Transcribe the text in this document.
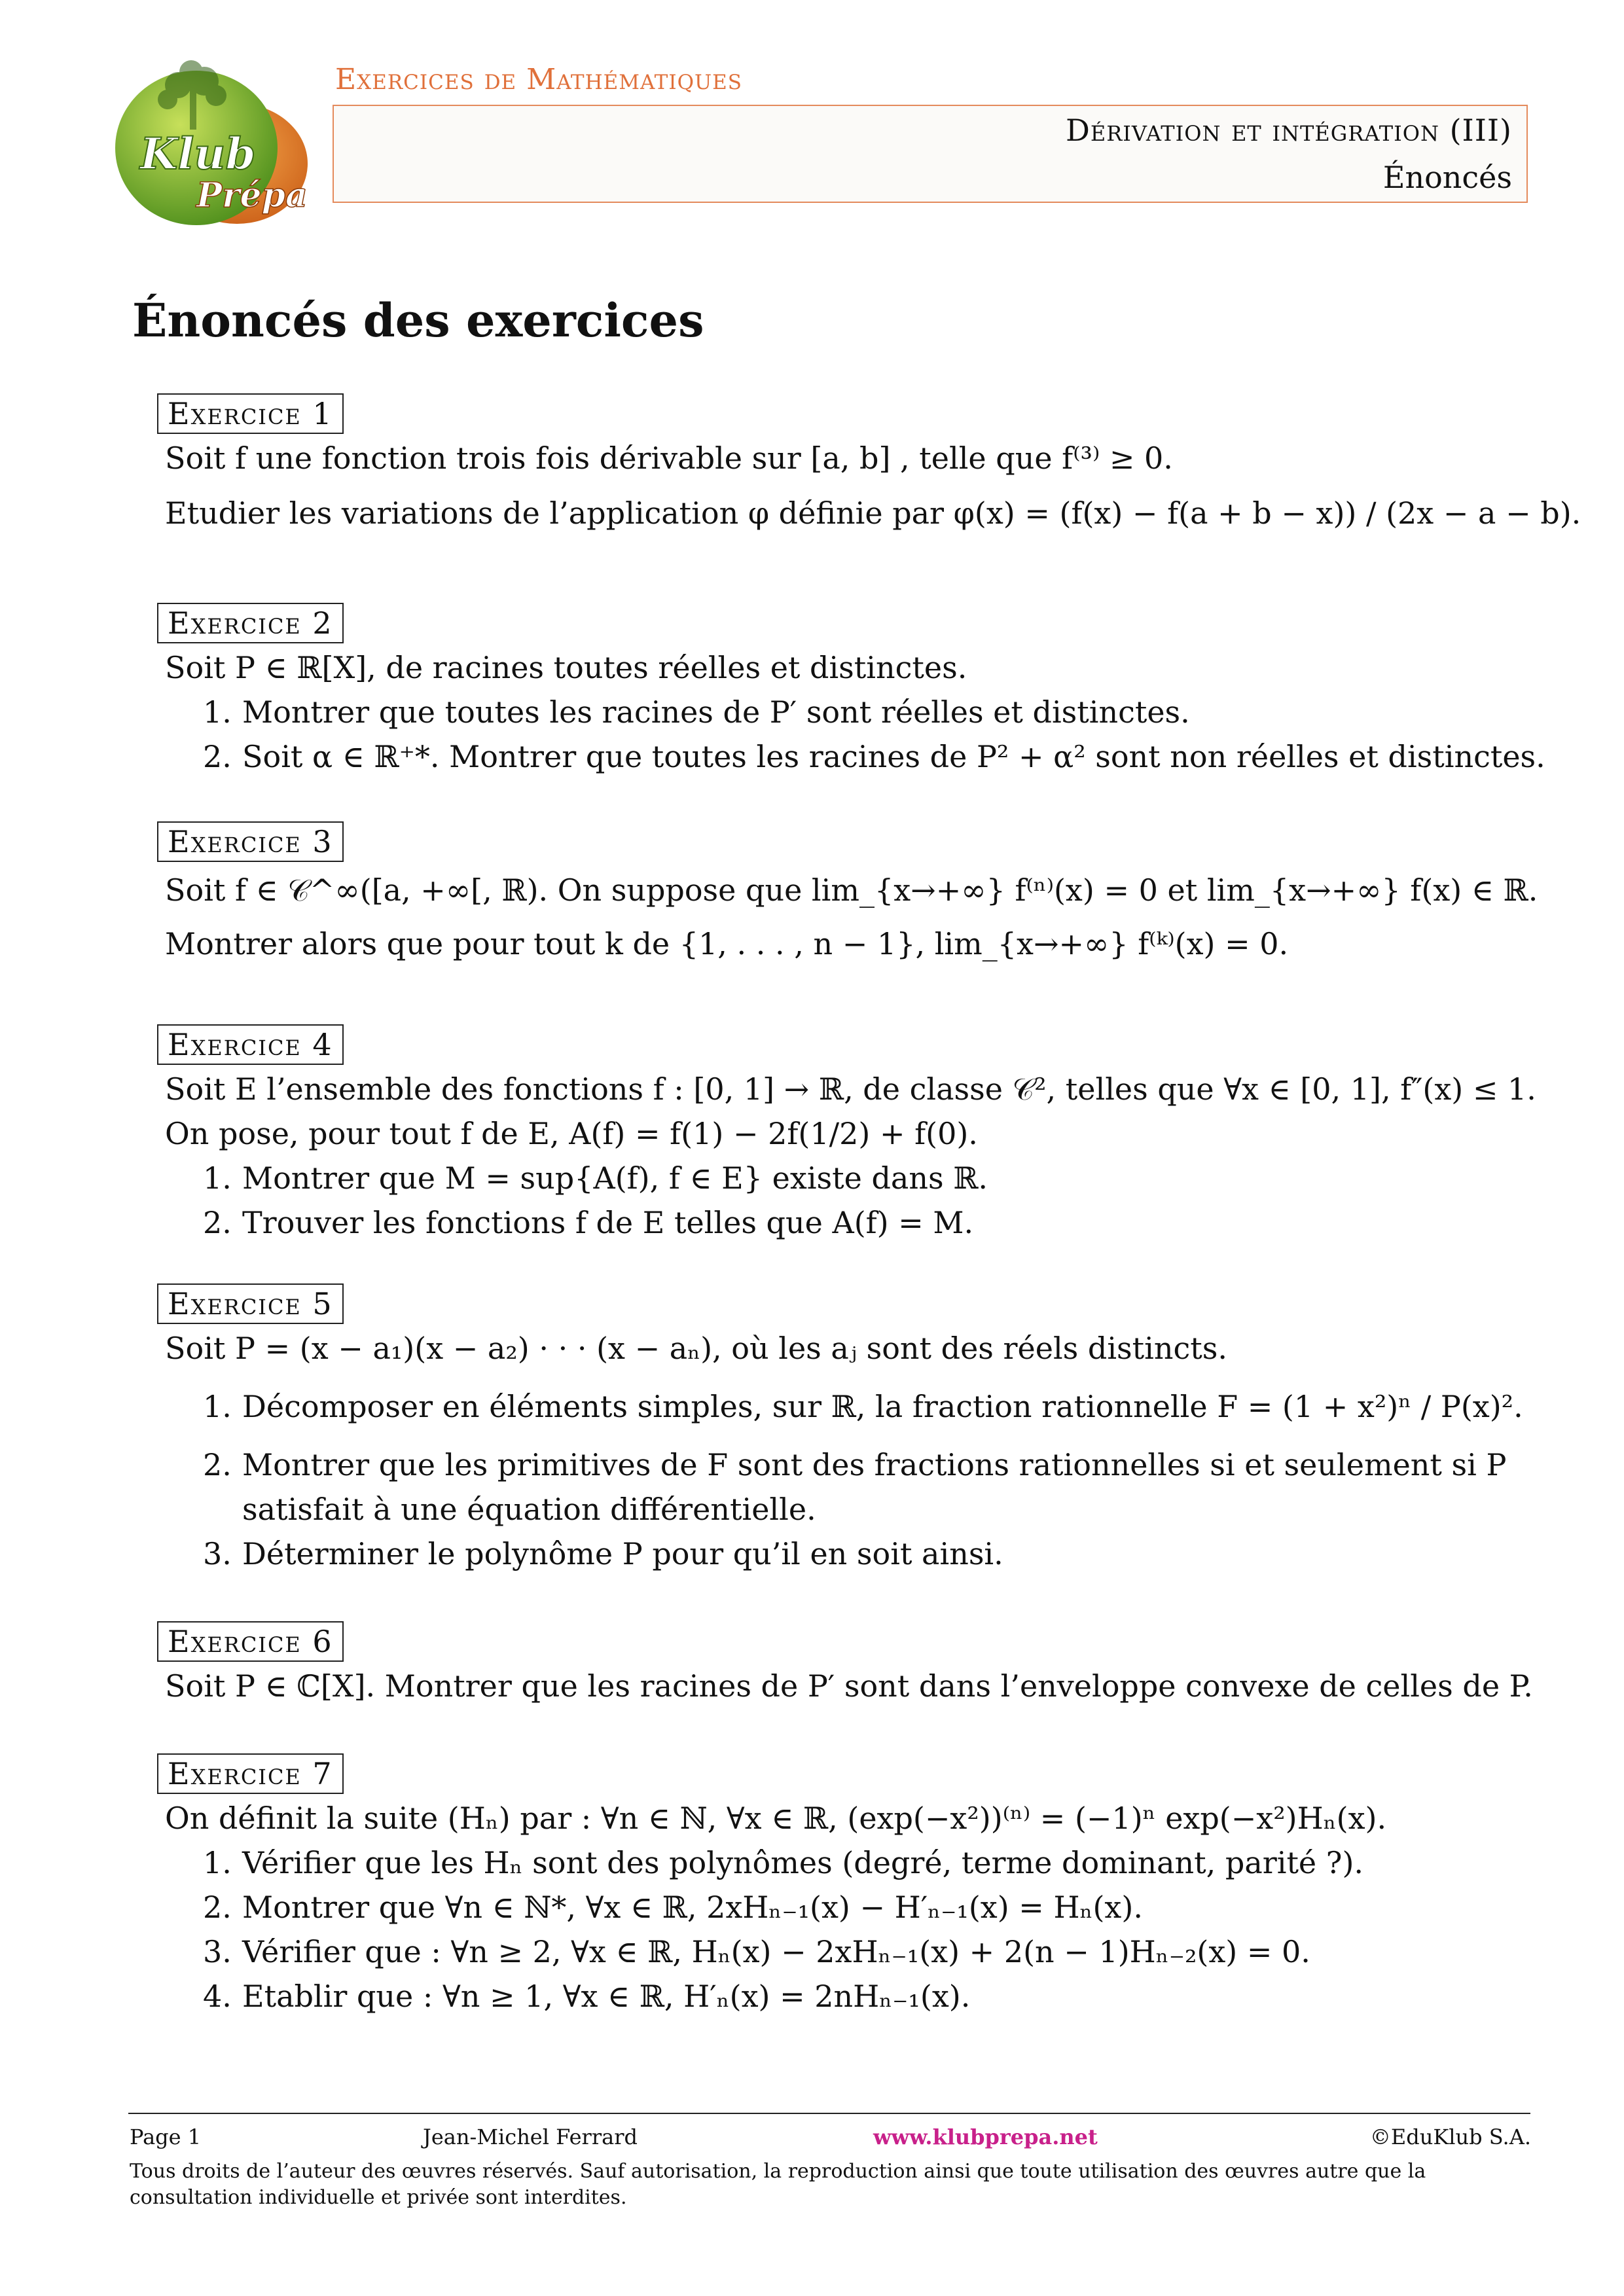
Klub
Prépa
Exercices de Mathématiques
Dérivation et intégration (III)
Énoncés
Énoncés des exercices
Exercice 1

Soit f une fonction trois fois dérivable sur [a, b] , telle que f⁽³⁾ ≥ 0.

Etudier les variations de l’application φ définie par φ(x) = (f(x) − f(a + b − x)) / (2x − a − b).

Exercice 2

Soit P ∈ ℝ[X], de racines toutes réelles et distinctes.

1. Montrer que toutes les racines de P′ sont réelles et distinctes.

2. Soit α ∈ ℝ⁺*. Montrer que toutes les racines de P² + α² sont non réelles et distinctes.

Exercice 3

Soit f ∈ 𝒞^∞([a, +∞[, ℝ). On suppose que lim_{x→+∞} f⁽ⁿ⁾(x) = 0 et lim_{x→+∞} f(x) ∈ ℝ.

Montrer alors que pour tout k de {1, . . . , n − 1}, lim_{x→+∞} f⁽ᵏ⁾(x) = 0.

Exercice 4

Soit E l’ensemble des fonctions f : [0, 1] → ℝ, de classe 𝒞², telles que ∀x ∈ [0, 1], f″(x) ≤ 1.

On pose, pour tout f de E, A(f) = f(1) − 2f(1/2) + f(0).

1. Montrer que M = sup{A(f), f ∈ E} existe dans ℝ.

2. Trouver les fonctions f de E telles que A(f) = M.

Exercice 5

Soit P = (x − a₁)(x − a₂) · · · (x − aₙ), où les aⱼ sont des réels distincts.

1. Décomposer en éléments simples, sur ℝ, la fraction rationnelle F = (1 + x²)ⁿ / P(x)².

2. Montrer que les primitives de F sont des fractions rationnelles si et seulement si P satisfait à une équation différentielle.

3. Déterminer le polynôme P pour qu’il en soit ainsi.

Exercice 6

Soit P ∈ ℂ[X]. Montrer que les racines de P′ sont dans l’enveloppe convexe de celles de P.

Exercice 7

On définit la suite (Hₙ) par : ∀n ∈ ℕ, ∀x ∈ ℝ, (exp(−x²))⁽ⁿ⁾ = (−1)ⁿ exp(−x²)Hₙ(x).

1. Vérifier que les Hₙ sont des polynômes (degré, terme dominant, parité ?).

2. Montrer que ∀n ∈ ℕ*, ∀x ∈ ℝ, 2xHₙ₋₁(x) − H′ₙ₋₁(x) = Hₙ(x).

3. Vérifier que : ∀n ≥ 2, ∀x ∈ ℝ, Hₙ(x) − 2xHₙ₋₁(x) + 2(n − 1)Hₙ₋₂(x) = 0.

4. Etablir que : ∀n ≥ 1, ∀x ∈ ℝ, H′ₙ(x) = 2nHₙ₋₁(x).

Page 1	Jean-Michel Ferrard	www.klubprepa.net	©EduKlub S.A.
Tous droits de l’auteur des œuvres réservés. Sauf autorisation, la reproduction ainsi que toute utilisation des œuvres autre que la consultation individuelle et privée sont interdites.
